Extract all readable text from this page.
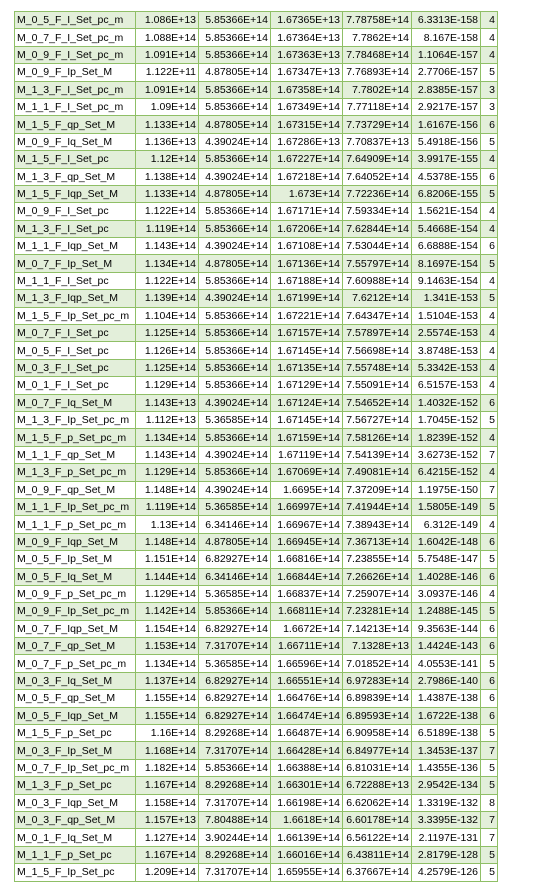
M_0_5_F_I_Set_pc_m	1.086E+13	5.85366E+14	1.67365E+13	7.78758E+14	6.3313E-158	4
M_0_7_F_I_Set_pc_m	1.088E+14	5.85366E+14	1.67364E+13	7.7862E+14	8.167E-158	4
M_0_9_F_I_Set_pc_m	1.091E+14	5.85366E+14	1.67363E+13	7.78468E+14	1.1064E-157	4
M_0_9_F_Ip_Set_M	1.122E+11	4.87805E+14	1.67347E+13	7.76893E+14	2.7706E-157	5
M_1_3_F_I_Set_pc_m	1.091E+14	5.85366E+14	1.67358E+14	7.7802E+14	2.8385E-157	3
M_1_1_F_I_Set_pc_m	1.09E+14	5.85366E+14	1.67349E+14	7.77118E+14	2.9217E-157	3
M_1_5_F_qp_Set_M	1.133E+14	4.87805E+14	1.67315E+14	7.73729E+14	1.6167E-156	6
M_0_9_F_Iq_Set_M	1.136E+13	4.39024E+14	1.67286E+13	7.70837E+13	5.4918E-156	5
M_1_5_F_I_Set_pc	1.12E+14	5.85366E+14	1.67227E+14	7.64909E+14	3.9917E-155	4
M_1_3_F_qp_Set_M	1.138E+14	4.39024E+14	1.67218E+14	7.64052E+14	4.5378E-155	6
M_1_5_F_Iqp_Set_M	1.133E+14	4.87805E+14	1.673E+14	7.72236E+14	6.8206E-155	5
M_0_9_F_I_Set_pc	1.122E+14	5.85366E+14	1.67171E+14	7.59334E+14	1.5621E-154	4
M_1_3_F_I_Set_pc	1.119E+14	5.85366E+14	1.67206E+14	7.62844E+14	5.4668E-154	4
M_1_1_F_Iqp_Set_M	1.143E+14	4.39024E+14	1.67108E+14	7.53044E+14	6.6888E-154	6
M_0_7_F_Ip_Set_M	1.134E+14	4.87805E+14	1.67136E+14	7.55797E+14	8.1697E-154	5
M_1_1_F_I_Set_pc	1.122E+14	5.85366E+14	1.67188E+14	7.60988E+14	9.1463E-154	4
M_1_3_F_Iqp_Set_M	1.139E+14	4.39024E+14	1.67199E+14	7.6212E+14	1.341E-153	5
M_1_5_F_Ip_Set_pc_m	1.104E+14	5.85366E+14	1.67221E+14	7.64347E+14	1.5104E-153	4
M_0_7_F_I_Set_pc	1.125E+14	5.85366E+14	1.67157E+14	7.57897E+14	2.5574E-153	4
M_0_5_F_I_Set_pc	1.126E+14	5.85366E+14	1.67145E+14	7.56698E+14	3.8748E-153	4
M_0_3_F_I_Set_pc	1.125E+14	5.85366E+14	1.67135E+14	7.55748E+14	5.3342E-153	4
M_0_1_F_I_Set_pc	1.129E+14	5.85366E+14	1.67129E+14	7.55091E+14	6.5157E-153	4
M_0_7_F_Iq_Set_M	1.143E+13	4.39024E+14	1.67124E+14	7.54652E+14	1.4032E-152	6
M_1_3_F_Ip_Set_pc_m	1.112E+13	5.36585E+14	1.67145E+14	7.56727E+14	1.7045E-152	5
M_1_5_F_p_Set_pc_m	1.134E+14	5.85366E+14	1.67159E+14	7.58126E+14	1.8239E-152	4
M_1_1_F_qp_Set_M	1.143E+14	4.39024E+14	1.67119E+14	7.54139E+14	3.6273E-152	7
M_1_3_F_p_Set_pc_m	1.129E+14	5.85366E+14	1.67069E+14	7.49081E+14	6.4215E-152	4
M_0_9_F_qp_Set_M	1.148E+14	4.39024E+14	1.6695E+14	7.37209E+14	1.1975E-150	7
M_1_1_F_Ip_Set_pc_m	1.119E+14	5.36585E+14	1.66997E+14	7.41944E+14	1.5805E-149	5
M_1_1_F_p_Set_pc_m	1.13E+14	6.34146E+14	1.66967E+14	7.38943E+14	6.312E-149	4
M_0_9_F_Iqp_Set_M	1.148E+14	4.87805E+14	1.66945E+14	7.36713E+14	1.6042E-148	6
M_0_5_F_Ip_Set_M	1.151E+14	6.82927E+14	1.66816E+14	7.23855E+14	5.7548E-147	5
M_0_5_F_Iq_Set_M	1.144E+14	6.34146E+14	1.66844E+14	7.26626E+14	1.4028E-146	6
M_0_9_F_p_Set_pc_m	1.129E+14	5.36585E+14	1.66837E+14	7.25907E+14	3.0937E-146	4
M_0_9_F_Ip_Set_pc_m	1.142E+14	5.85366E+14	1.66811E+14	7.23281E+14	1.2488E-145	5
M_0_7_F_Iqp_Set_M	1.154E+14	6.82927E+14	1.6672E+14	7.14213E+14	9.3563E-144	6
M_0_7_F_qp_Set_M	1.153E+14	7.31707E+14	1.66711E+14	7.1328E+13	1.4424E-143	6
M_0_7_F_p_Set_pc_m	1.134E+14	5.36585E+14	1.66596E+14	7.01852E+14	4.0553E-141	5
M_0_3_F_Iq_Set_M	1.137E+14	6.82927E+14	1.66551E+14	6.97283E+14	2.7986E-140	6
M_0_5_F_qp_Set_M	1.155E+14	6.82927E+14	1.66476E+14	6.89839E+14	1.4387E-138	6
M_0_5_F_Iqp_Set_M	1.155E+14	6.82927E+14	1.66474E+14	6.89593E+14	1.6722E-138	6
M_1_5_F_p_Set_pc	1.16E+14	8.29268E+14	1.66487E+14	6.90958E+14	6.5189E-138	5
M_0_3_F_Ip_Set_M	1.168E+14	7.31707E+14	1.66428E+14	6.84977E+14	1.3453E-137	7
M_0_7_F_Ip_Set_pc_m	1.182E+14	5.85366E+14	1.66388E+14	6.81031E+14	1.4355E-136	5
M_1_3_F_p_Set_pc	1.167E+14	8.29268E+14	1.66301E+14	6.72288E+13	2.9542E-134	5
M_0_3_F_Iqp_Set_M	1.158E+14	7.31707E+14	1.66198E+14	6.62062E+14	1.3319E-132	8
M_0_3_F_qp_Set_M	1.157E+13	7.80488E+14	1.6618E+14	6.60178E+14	3.3395E-132	7
M_0_1_F_Iq_Set_M	1.127E+14	3.90244E+14	1.66139E+14	6.56122E+14	2.1197E-131	7
M_1_1_F_p_Set_pc	1.167E+14	8.29268E+14	1.66016E+14	6.43811E+14	2.8179E-128	5
M_1_5_F_Ip_Set_pc	1.209E+14	7.31707E+14	1.65955E+14	6.37667E+14	4.2579E-126	5
